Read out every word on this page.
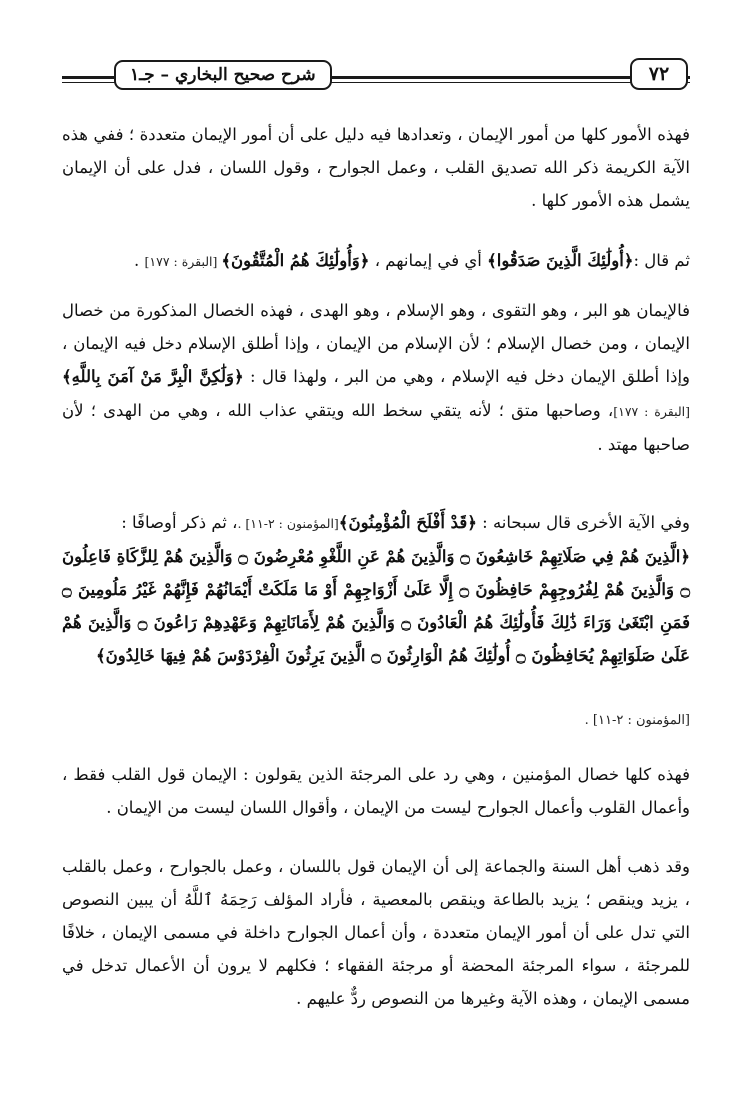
شرح صحيح البخاري – جـ١	٧٢

فهذه الأمور كلها من أمور الإيمان ، وتعدادها فيه دليل على أن أمور الإيمان متعددة ؛ ففي هذه الآية الكريمة ذكر الله تصديق القلب ، وعمل الجوارح ، وقول اللسان ، فدل على أن الإيمان يشمل هذه الأمور كلها .

ثم قال :﴿أُولَٰئِكَ الَّذِينَ صَدَقُوا﴾ أي في إيمانهم ، ﴿وَأُولَٰئِكَ هُمُ الْمُتَّقُونَ﴾ [البقرة : ١٧٧] .

فالإيمان هو البر ، وهو التقوى ، وهو الإسلام ، وهو الهدى ، فهذه الخصال المذكورة من خصال الإيمان ، ومن خصال الإسلام ؛ لأن الإسلام من الإيمان ، وإذا أطلق الإسلام دخل فيه الإيمان ، وإذا أطلق الإيمان دخل فيه الإسلام ، وهي من البر ، ولهذا قال : ﴿وَلَٰكِنَّ الْبِرَّ مَنْ آمَنَ بِاللَّهِ﴾ [البقرة : ١٧٧]، وصاحبها متق ؛ لأنه يتقي سخط الله ويتقي عذاب الله ، وهي من الهدى ؛ لأن صاحبها مهتد .

وفي الآية الأخرى قال سبحانه : ﴿قَدْ أَفْلَحَ الْمُؤْمِنُونَ﴾[المؤمنون : ٢-١١] .، ثم ذكر أوصافًا :

﴿الَّذِينَ هُمْ فِي صَلَاتِهِمْ خَاشِعُونَ ۝ وَالَّذِينَ هُمْ عَنِ اللَّغْوِ مُعْرِضُونَ ۝ وَالَّذِينَ هُمْ لِلزَّكَاةِ فَاعِلُونَ ۝ وَالَّذِينَ هُمْ لِفُرُوجِهِمْ حَافِظُونَ ۝ إِلَّا عَلَىٰ أَزْوَاجِهِمْ أَوْ مَا مَلَكَتْ أَيْمَانُهُمْ فَإِنَّهُمْ غَيْرُ مَلُومِينَ ۝ فَمَنِ ابْتَغَىٰ وَرَاءَ ذَٰلِكَ فَأُولَٰئِكَ هُمُ الْعَادُونَ ۝ وَالَّذِينَ هُمْ لِأَمَانَاتِهِمْ وَعَهْدِهِمْ رَاعُونَ ۝ وَالَّذِينَ هُمْ عَلَىٰ صَلَوَاتِهِمْ يُحَافِظُونَ ۝ أُولَٰئِكَ هُمُ الْوَارِثُونَ ۝ الَّذِينَ يَرِثُونَ الْفِرْدَوْسَ هُمْ فِيهَا خَالِدُونَ﴾

[المؤمنون : ٢-١١] .

فهذه كلها خصال المؤمنين ، وهي رد على المرجئة الذين يقولون : الإيمان قول القلب فقط ، وأعمال القلوب وأعمال الجوارح ليست من الإيمان ، وأقوال اللسان ليست من الإيمان .

وقد ذهب أهل السنة والجماعة إلى أن الإيمان قول باللسان ، وعمل بالجوارح ، وعمل بالقلب ، يزيد وينقص ؛ يزيد بالطاعة وينقص بالمعصية ، فأراد المؤلف رَحِمَهُ ٱللَّهُ أن يبين النصوص التي تدل على أن أمور الإيمان متعددة ، وأن أعمال الجوارح داخلة في مسمى الإيمان ، خلافًا للمرجئة ، سواء المرجئة المحضة أو مرجئة الفقهاء ؛ فكلهم لا يرون أن الأعمال تدخل في مسمى الإيمان ، وهذه الآية وغيرها من النصوص ردٌّ عليهم .
